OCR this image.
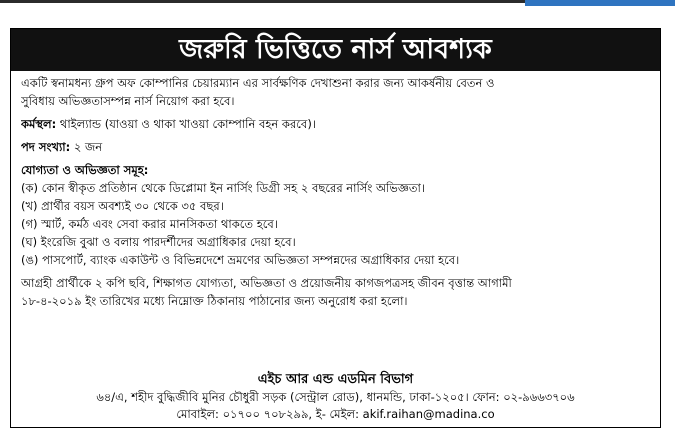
জরুরি ভিত্তিতে নার্স আবশ্যক
একটি স্বনামধন্য গ্রুপ অফ কোম্পানির চেয়ারম্যান এর সার্বক্ষণিক দেখাশুনা করার জন্য আকর্ষনীয় বেতন ও
সুবিধায় অভিজ্ঞতাসম্পন্ন নার্স নিয়োগ করা হবে।
কর্মস্থল: থাইল্যান্ড (যাওয়া ও থাকা খাওয়া কোম্পানি বহন করবে)।
পদ সংখ্যা: ২ জন
যোগ্যতা ও অভিজ্ঞতা সমূহ:
(ক) কোন স্বীকৃত প্রতিষ্ঠান থেকে ডিপ্লোমা ইন নার্সিং ডিগ্রী সহ ২ বছরের নার্সিং অভিজ্ঞতা।
(খ) প্রার্থীর বয়স অবশ্যই ৩০ থেকে ৩৫ বছর।
(গ) স্মার্ট, কর্মঠ এবং সেবা করার মানসিকতা থাকতে হবে।
(ঘ) ইংরেজি বুঝা ও বলায় পারদর্শীদের অগ্রাধিকার দেয়া হবে।
(ঙ) পাসপোর্ট, ব্যাংক একাউন্ট ও বিভিন্নদেশে ভ্রমণের অভিজ্ঞতা সম্পন্নদের অগ্রাধিকার দেয়া হবে।
আগ্রহী প্রার্থীকে ২ কপি ছবি, শিক্ষাগত যোগ্যতা, অভিজ্ঞতা ও প্রয়োজনীয় কাগজপত্রসহ জীবন বৃত্তান্ত আগামী
১৮-৪-২০১৯ ইং তারিখের মধ্যে নিম্নোক্ত ঠিকানায় পাঠানোর জন্য অনুরোধ করা হলো।
এইচ আর এন্ড এডমিন বিভাগ
৬৪/এ, শহীদ বুদ্ধিজীবি মুনির চৌধুরী সড়ক (সেন্ট্রাল রোড), ধানমন্ডি, ঢাকা-১২০৫। ফোন: ০২-৯৬৬৩৭০৬
মোবাইল: ০১৭০০ ৭০৮২৯৯, ই- মেইল: akif.raihan@madina.co
